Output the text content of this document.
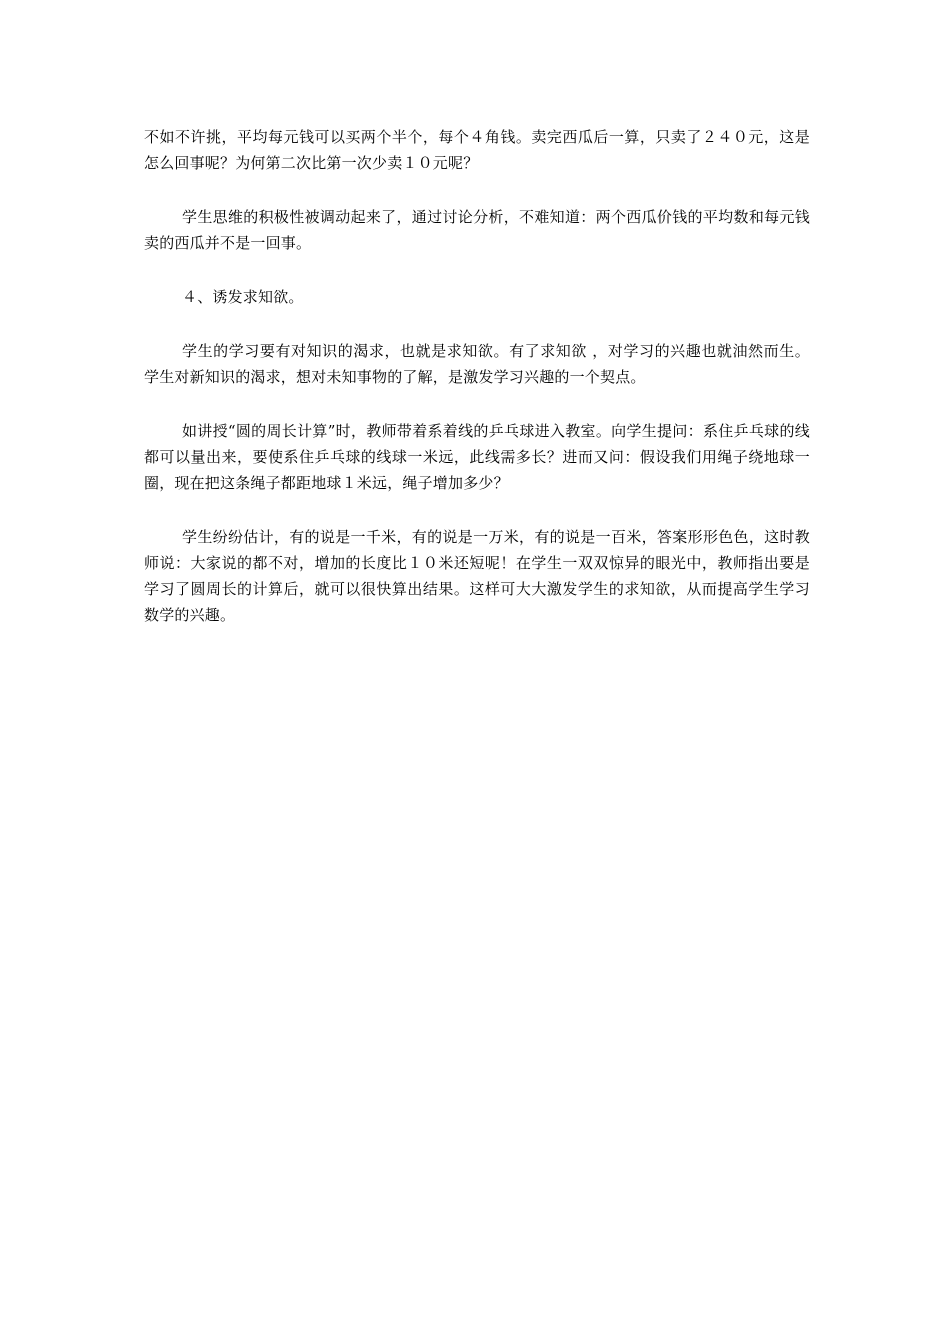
不如不许挑，平均每元钱可以买两个半个，每个４角钱。卖完西瓜后一算，只卖了２４０元，这是怎么回事呢？为何第二次比第一次少卖１０元呢？

学生思维的积极性被调动起来了，通过讨论分析，不难知道：两个西瓜价钱的平均数和每元钱卖的西瓜并不是一回事。

４、诱发求知欲。

学生的学习要有对知识的渴求，也就是求知欲。有了求知欲 ，对学习的兴趣也就油然而生。学生对新知识的渴求，想对未知事物的了解，是激发学习兴趣的一个契点。

如讲授“圆的周长计算”时，教师带着系着线的乒乓球进入教室。向学生提问：系住乒乓球的线都可以量出来，要使系住乒乓球的线球一米远，此线需多长？进而又问：假设我们用绳子绕地球一圈，现在把这条绳子都距地球１米远，绳子增加多少？

学生纷纷估计，有的说是一千米，有的说是一万米，有的说是一百米，答案形形色色，这时教师说：大家说的都不对，增加的长度比１０米还短呢！在学生一双双惊异的眼光中，教师指出要是学习了圆周长的计算后，就可以很快算出结果。这样可大大激发学生的求知欲，从而提高学生学习数学的兴趣。
